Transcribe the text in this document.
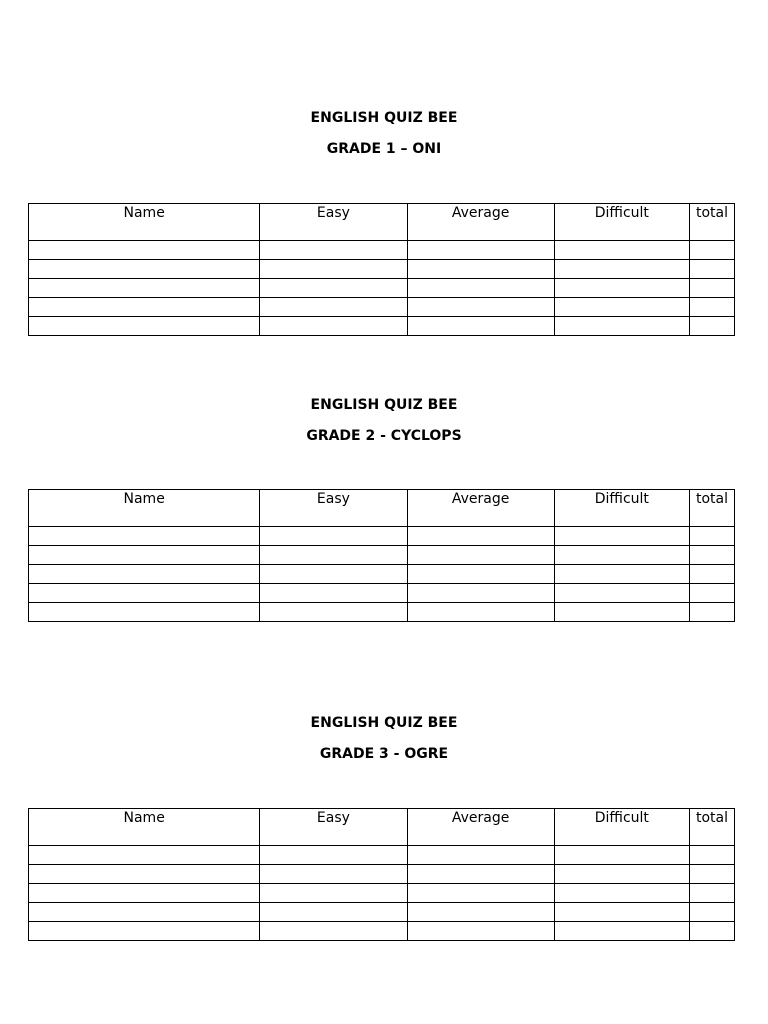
ENGLISH QUIZ BEE
GRADE 1 – ONI
Name	Easy	Average	Difficult	total

ENGLISH QUIZ BEE
GRADE 2 - CYCLOPS
Name	Easy	Average	Difficult	total

ENGLISH QUIZ BEE
GRADE 3 - OGRE
Name	Easy	Average	Difficult	total
